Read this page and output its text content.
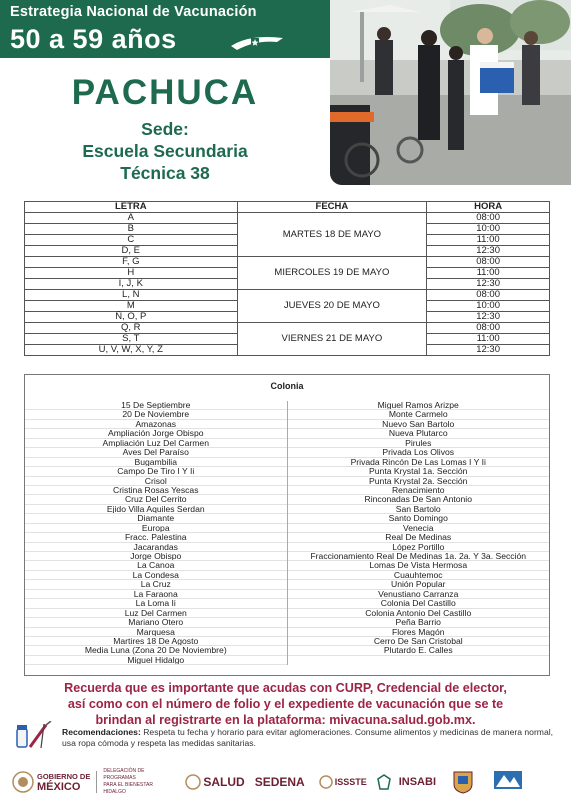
Estrategia Nacional de Vacunación
50 a 59 años
PACHUCA
Sede:
Escuela Secundaria
Técnica 38
LETRA	FECHA	HORA
A	MARTES 18 DE MAYO	08:00
B		10:00
C		11:00
D, E		12:30
F, G	MIERCOLES 19 DE MAYO	08:00
H		11:00
I, J, K		12:30
L, N	JUEVES 20 DE MAYO	08:00
M		10:00
Ñ, O, P		12:30
Q, R	VIERNES 21 DE MAYO	08:00
S, T		11:00
U, V, W, X, Y, Z		12:30
Colonia
15 De Septiembre
20 De Noviembre
Amazonas
Ampliación Jorge Obispo
Ampliación Luz Del Carmen
Aves Del Paraíso
Bugambilia
Campo De Tiro I Y Ii
Crisol
Cristina Rosas Yescas
Cruz Del Cerrito
Ejido Villa Aquiles Serdan
Diamante
Europa
Fracc. Palestina
Jacarandas
Jorge Obispo
La Canoa
La Condesa
La Cruz
La Faraona
La Loma Ii
Luz Del Carmen
Mariano Otero
Marquesa
Martires 18 De Agosto
Media Luna (Zona 20 De Noviembre)
Miguel Hidalgo
Miguel Ramos Arizpe
Monte Carmelo
Nuevo San Bartolo
Nueva Plutarco
Pirules
Privada Los Olivos
Privada Rincón De Las Lomas I Y Ii
Punta Krystal 1a. Sección
Punta Krystal 2a. Sección
Renacimiento
Rinconadas De San Antonio
San Bartolo
Santo Domingo
Venecia
Real De Medinas
López Portillo
Fraccionamiento Real De Medinas 1a. 2a. Y 3a. Sección
Lomas De Vista Hermosa
Cuauhtemoc
Unión Popular
Venustiano Carranza
Colonia Del Castillo
Colonia Antonio Del Castillo
Peña Barrio
Flores Magón
Cerro De San Cristobal
Plutardo E. Calles
Recuerda que es importante que acudas con CURP, Credencial de elector,
así como con el número de folio y el expediente de vacunación que se te
brindan al registrarte en la plataforma: mivacuna.salud.gob.mx.
Recomendaciones: Respeta tu fecha y horario para evitar aglomeraciones. Consume alimentos y medicinas de manera normal, usa ropa cómoda y respeta las medidas sanitarias.
GOBIERNO DE
MÉXICO
DELEGACIÓN DE PROGRAMAS
PARA EL BIENESTAR
HIDALGO
SALUD SEDENA	ISSSTE	INSABI
